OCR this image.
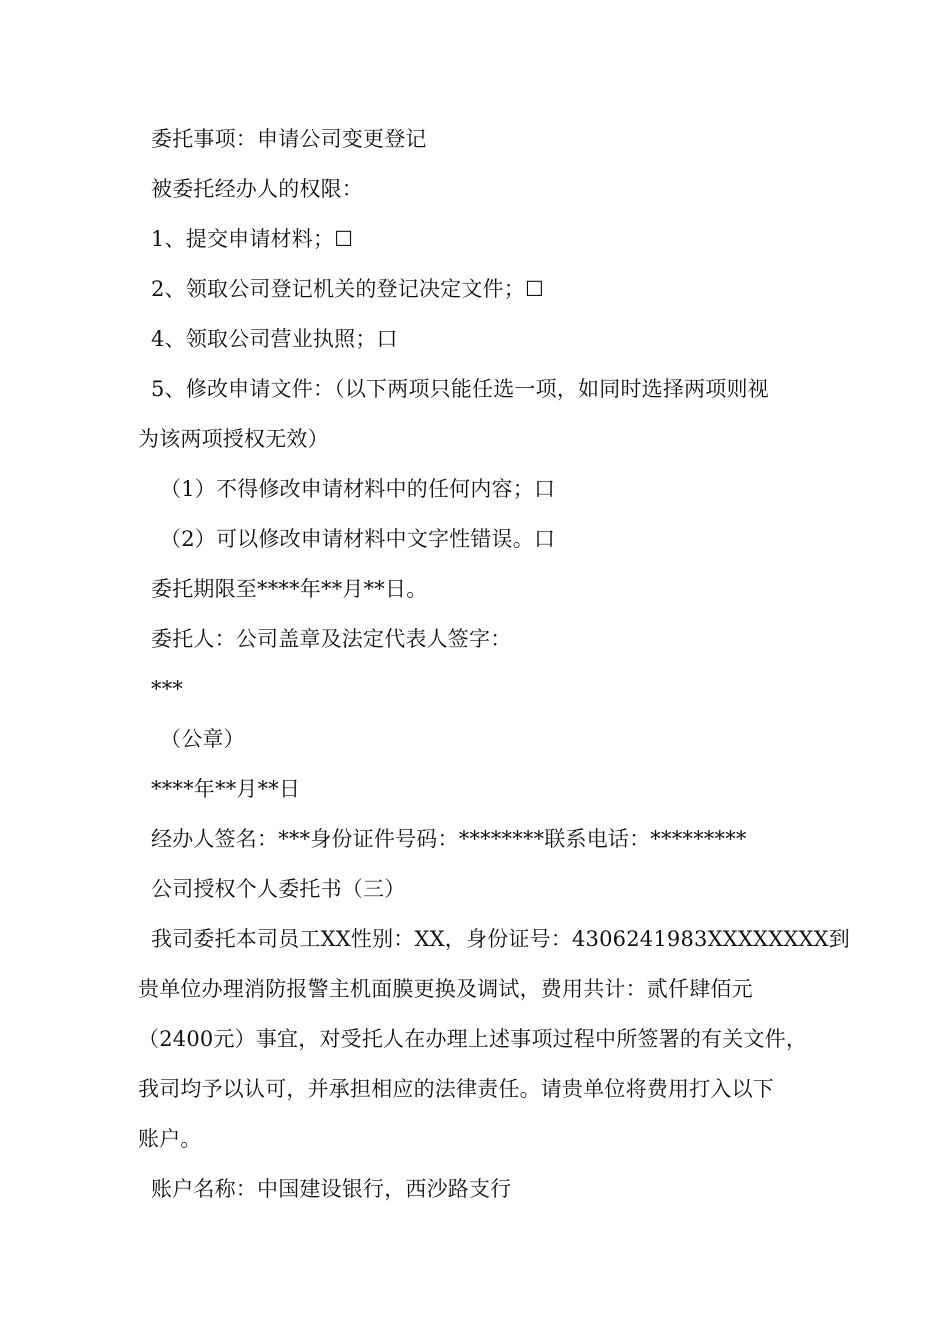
委托事项：申请公司变更登记
被委托经办人的权限：
1、提交申请材料；☐
2、领取公司登记机关的登记决定文件；☐
4、领取公司营业执照；口
5、修改申请文件：（以下两项只能任选一项，如同时选择两项则视
为该两项授权无效）
（1）不得修改申请材料中的任何内容；口
（2）可以修改申请材料中文字性错误。口
委托期限至****年**月**日。
委托人：公司盖章及法定代表人签字：
***
（公章）
****年**月**日
经办人签名：***身份证件号码：********联系电话：*********
公司授权个人委托书（三）
我司委托本司员工XX性别：XX，身份证号：4306241983XXXXXXXX到
贵单位办理消防报警主机面膜更换及调试，费用共计：贰仟肆佰元
（2400元）事宜，对受托人在办理上述事项过程中所签署的有关文件，
我司均予以认可，并承担相应的法律责任。请贵单位将费用打入以下
账户。
账户名称：中国建设银行，西沙路支行
